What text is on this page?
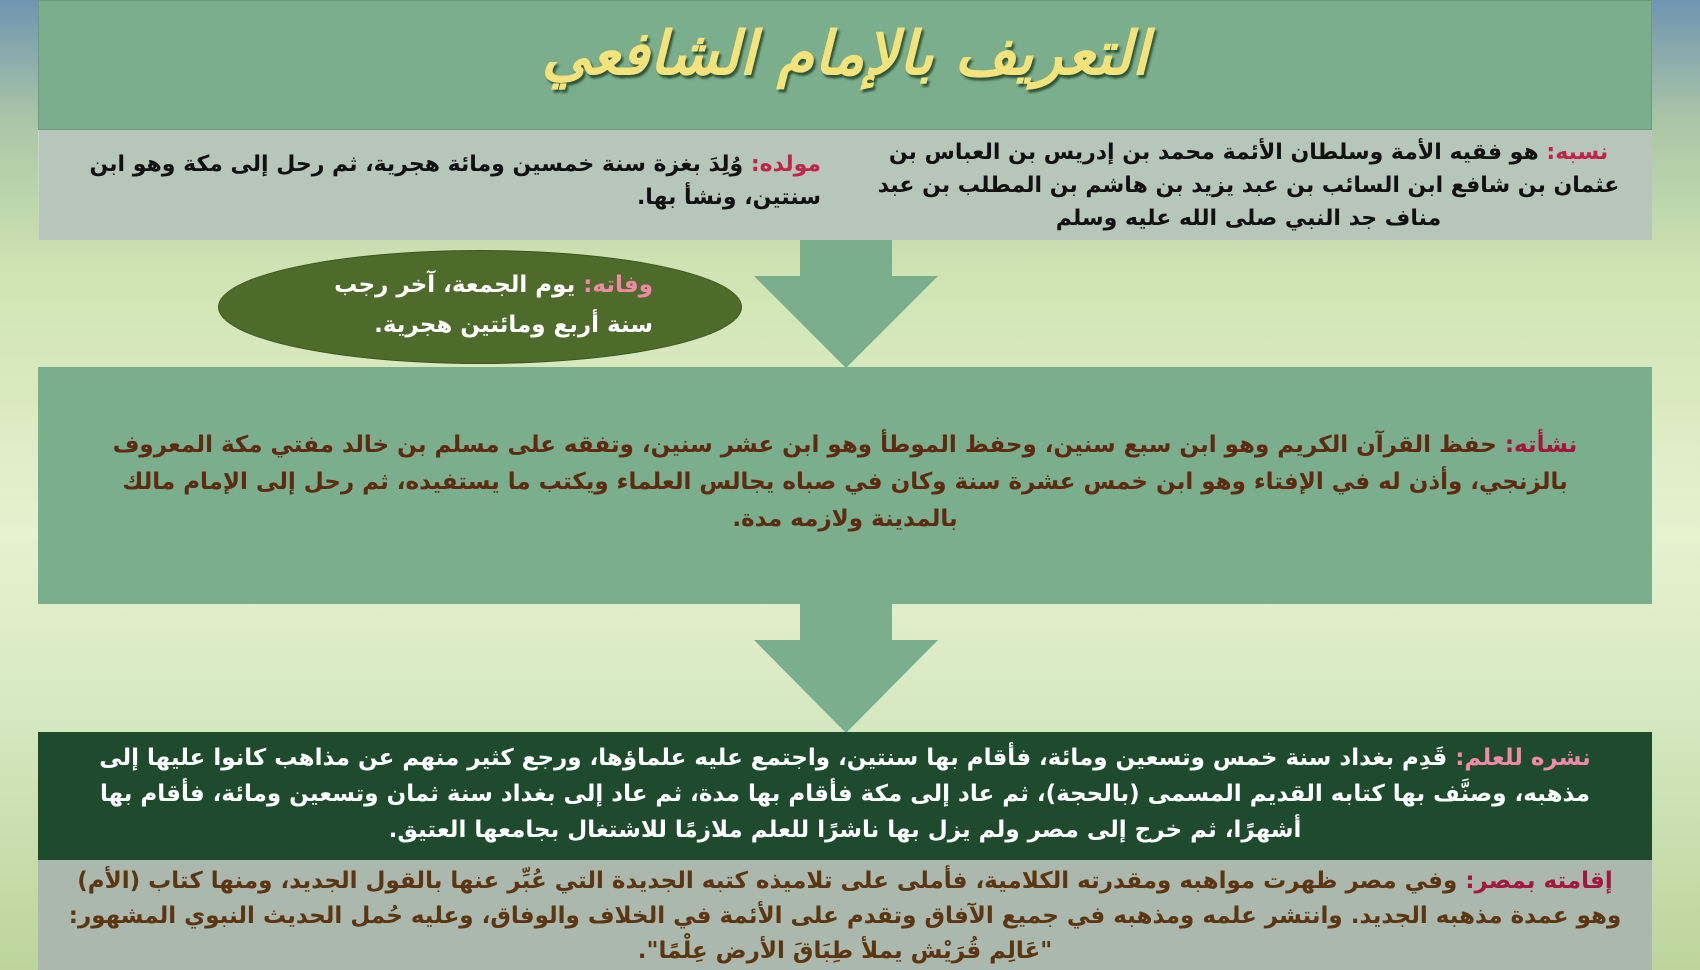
التعريف بالإمام الشافعي
نسبه: هو فقيه الأمة وسلطان الأئمة محمد بن إدريس بن العباس بن عثمان بن شافع ابن السائب بن عبد يزيد بن هاشم بن المطلب بن عبد مناف جد النبي صلى الله عليه وسلم
مولده: وُلِدَ بغزة سنة خمسين ومائة هجرية، ثم رحل إلى مكة وهو ابن سنتين، ونشأ بها.
وفاته: يوم الجمعة، آخر رجب سنة أربع ومائتين هجرية.
نشأته: حفظ القرآن الكريم وهو ابن سبع سنين، وحفظ الموطأ وهو ابن عشر سنين، وتفقه على مسلم بن خالد مفتي مكة المعروف بالزنجي، وأذن له في الإفتاء وهو ابن خمس عشرة سنة وكان في صباه يجالس العلماء ويكتب ما يستفيده، ثم رحل إلى الإمام مالك بالمدينة ولازمه مدة.
نشره للعلم: قَدِم بغداد سنة خمس وتسعين ومائة، فأقام بها سنتين، واجتمع عليه علماؤها، ورجع كثير منهم عن مذاهب كانوا عليها إلى مذهبه، وصنَّف بها كتابه القديم المسمى (بالحجة)، ثم عاد إلى مكة فأقام بها مدة، ثم عاد إلى بغداد سنة ثمان وتسعين ومائة، فأقام بها أشهرًا، ثم خرج إلى مصر ولم يزل بها ناشرًا للعلم ملازمًا للاشتغال بجامعها العتيق.
إقامته بمصر: وفي مصر ظهرت مواهبه ومقدرته الكلامية، فأملى على تلاميذه كتبه الجديدة التي عُبِّر عنها بالقول الجديد، ومنها كتاب (الأم) وهو عمدة مذهبه الجديد. وانتشر علمه ومذهبه في جميع الآفاق وتقدم على الأئمة في الخلاف والوفاق، وعليه حُمل الحديث النبوي المشهور: "عَالِم قُرَيْش يملأ طِبَاقَ الأرض عِلْمًا".
